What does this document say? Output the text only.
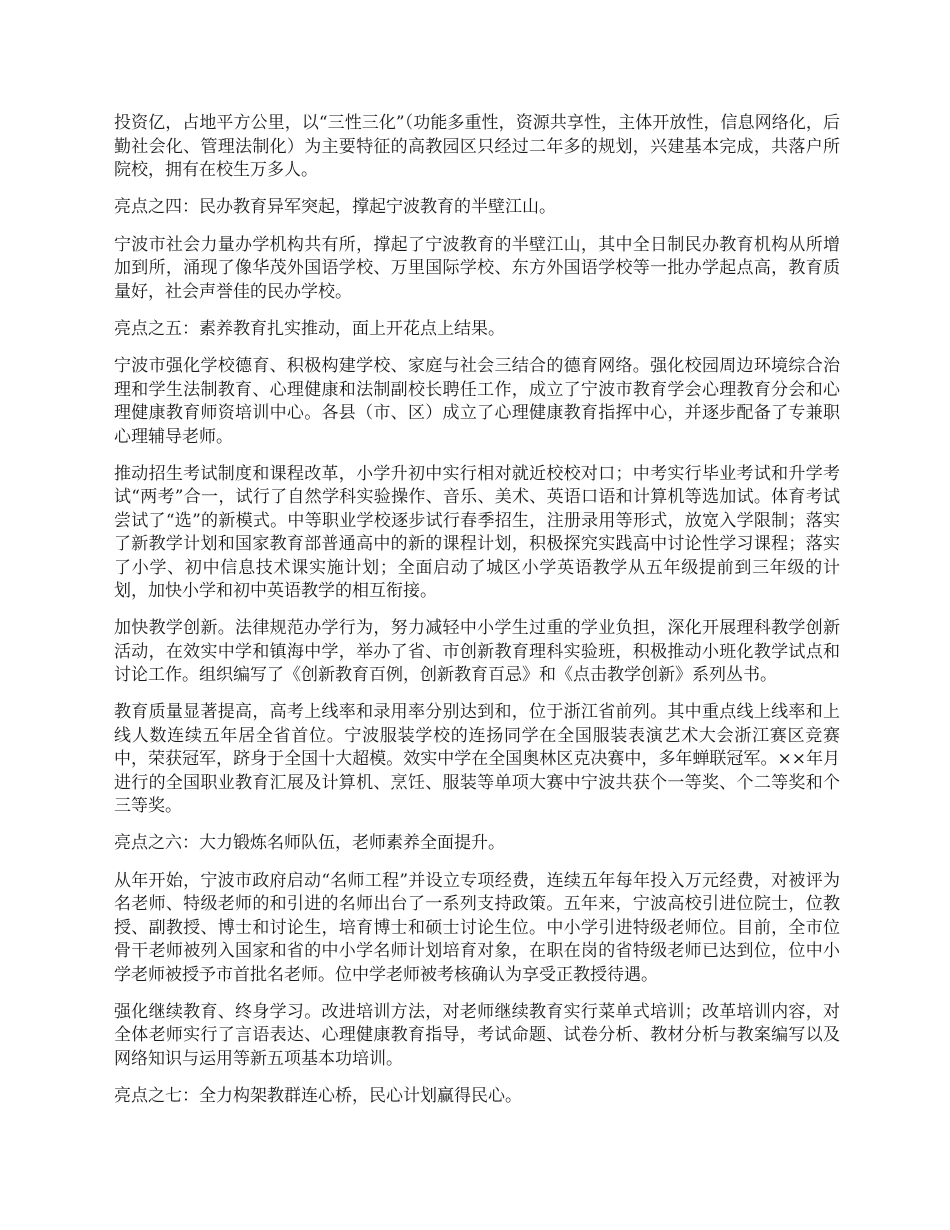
投资亿，占地平方公里，以“三性三化”（功能多重性，资源共享性，主体开放性，信息网络化，后勤社会化、管理法制化）为主要特征的高教园区只经过二年多的规划，兴建基本完成，共落户所院校，拥有在校生万多人。

亮点之四：民办教育异军突起，撑起宁波教育的半壁江山。

宁波市社会力量办学机构共有所，撑起了宁波教育的半壁江山，其中全日制民办教育机构从所增加到所，涌现了像华茂外国语学校、万里国际学校、东方外国语学校等一批办学起点高，教育质量好，社会声誉佳的民办学校。

亮点之五：素养教育扎实推动，面上开花点上结果。

宁波市强化学校德育、积极构建学校、家庭与社会三结合的德育网络。强化校园周边环境综合治理和学生法制教育、心理健康和法制副校长聘任工作，成立了宁波市教育学会心理教育分会和心理健康教育师资培训中心。各县（市、区）成立了心理健康教育指挥中心，并逐步配备了专兼职心理辅导老师。

推动招生考试制度和课程改革，小学升初中实行相对就近校校对口；中考实行毕业考试和升学考试“两考”合一，试行了自然学科实验操作、音乐、美术、英语口语和计算机等选加试。体育考试尝试了“选”的新模式。中等职业学校逐步试行春季招生，注册录用等形式，放宽入学限制；落实了新教学计划和国家教育部普通高中的新的课程计划，积极探究实践高中讨论性学习课程；落实了小学、初中信息技术课实施计划；全面启动了城区小学英语教学从五年级提前到三年级的计划，加快小学和初中英语教学的相互衔接。

加快教学创新。法律规范办学行为，努力减轻中小学生过重的学业负担，深化开展理科教学创新活动，在效实中学和镇海中学，举办了省、市创新教育理科实验班，积极推动小班化教学试点和讨论工作。组织编写了《创新教育百例，创新教育百忌》和《点击教学创新》系列丛书。

教育质量显著提高，高考上线率和录用率分别达到和，位于浙江省前列。其中重点线上线率和上线人数连续五年居全省首位。宁波服装学校的连扬同学在全国服装表演艺术大会浙江赛区竞赛中，荣获冠军，跻身于全国十大超模。效实中学在全国奥林区克决赛中，多年蝉联冠军。××年月进行的全国职业教育汇展及计算机、烹饪、服装等单项大赛中宁波共获个一等奖、个二等奖和个三等奖。

亮点之六：大力锻炼名师队伍，老师素养全面提升。

从年开始，宁波市政府启动“名师工程”并设立专项经费，连续五年每年投入万元经费，对被评为名老师、特级老师的和引进的名师出台了一系列支持政策。五年来，宁波高校引进位院士，位教授、副教授、博士和讨论生，培育博士和硕士讨论生位。中小学引进特级老师位。目前，全市位骨干老师被列入国家和省的中小学名师计划培育对象，在职在岗的省特级老师已达到位，位中小学老师被授予市首批名老师。位中学老师被考核确认为享受正教授待遇。

强化继续教育、终身学习。改进培训方法，对老师继续教育实行菜单式培训；改革培训内容，对全体老师实行了言语表达、心理健康教育指导，考试命题、试卷分析、教材分析与教案编写以及网络知识与运用等新五项基本功培训。

亮点之七：全力构架教群连心桥，民心计划赢得民心。
